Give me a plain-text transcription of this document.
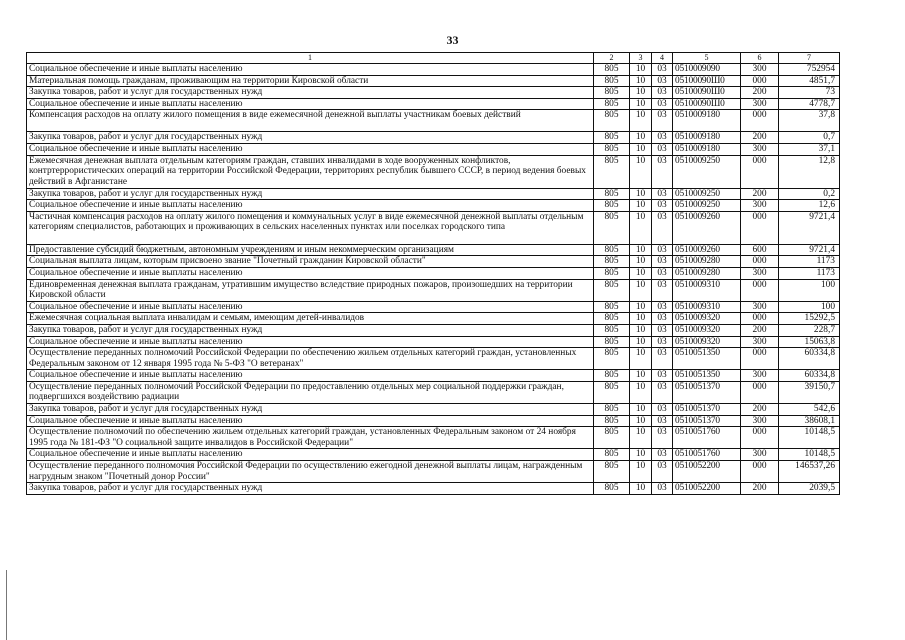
33
1	2	3	4	5	6	7
Социальное обеспечение и иные выплаты населению	805	10	03	0510009090	300	752954
Материальная помощь гражданам, проживающим на территории Кировской области	805	10	03	05100090Ш0	000	4851,7
Закупка товаров, работ и услуг для государственных нужд	805	10	03	05100090Ш0	200	73
Социальное обеспечение и иные выплаты населению	805	10	03	05100090Ш0	300	4778,7
Компенсация расходов на оплату жилого помещения в виде ежемесячной денежной выплаты участникам боевых действий	805	10	03	0510009180	000	37,8
Закупка товаров, работ и услуг для государственных нужд	805	10	03	0510009180	200	0,7
Социальное обеспечение и иные выплаты населению	805	10	03	0510009180	300	37,1
Ежемесячная денежная выплата отдельным категориям граждан, ставших инвалидами в ходе вооруженных конфликтов, контртеррористических операций на территории Российской Федерации, территориях республик бывшего СССР, в период ведения боевых действий в Афганистане	805	10	03	0510009250	000	12,8
Закупка товаров, работ и услуг для государственных нужд	805	10	03	0510009250	200	0,2
Социальное обеспечение и иные выплаты населению	805	10	03	0510009250	300	12,6
Частичная компенсация расходов на оплату жилого помещения и коммунальных услуг в виде ежемесячной денежной выплаты отдельным категориям специалистов, работающих и проживающих в сельских населенных пунктах или поселках городского типа	805	10	03	0510009260	000	9721,4
Предоставление субсидий бюджетным, автономным учреждениям и иным некоммерческим организациям	805	10	03	0510009260	600	9721,4
Социальная выплата лицам, которым присвоено звание "Почетный гражданин Кировской области"	805	10	03	0510009280	000	1173
Социальное обеспечение и иные выплаты населению	805	10	03	0510009280	300	1173
Единовременная денежная выплата гражданам, утратившим имущество вследствие природных пожаров, произошедших на территории Кировской области	805	10	03	0510009310	000	100
Социальное обеспечение и иные выплаты населению	805	10	03	0510009310	300	100
Ежемесячная социальная выплата инвалидам и семьям, имеющим детей-инвалидов	805	10	03	0510009320	000	15292,5
Закупка товаров, работ и услуг для государственных нужд	805	10	03	0510009320	200	228,7
Социальное обеспечение и иные выплаты населению	805	10	03	0510009320	300	15063,8
Осуществление переданных полномочий Российской Федерации по обеспечению жильем отдельных категорий граждан, установленных Федеральным законом от 12 января 1995 года № 5-ФЗ "О ветеранах"	805	10	03	0510051350	000	60334,8
Социальное обеспечение и иные выплаты населению	805	10	03	0510051350	300	60334,8
Осуществление переданных полномочий Российской Федерации по предоставлению отдельных мер социальной поддержки граждан, подвергшихся воздействию радиации	805	10	03	0510051370	000	39150,7
Закупка товаров, работ и услуг для государственных нужд	805	10	03	0510051370	200	542,6
Социальное обеспечение и иные выплаты населению	805	10	03	0510051370	300	38608,1
Осуществление полномочий по обеспечению жильем отдельных категорий граждан, установленных Федеральным законом от 24 ноября 1995 года № 181-ФЗ "О социальной защите инвалидов в Российской Федерации"	805	10	03	0510051760	000	10148,5
Социальное обеспечение и иные выплаты населению	805	10	03	0510051760	300	10148,5
Осуществление переданного полномочия Российской Федерации по осуществлению ежегодной денежной выплаты лицам, награжденным нагрудным знаком "Почетный донор России"	805	10	03	0510052200	000	146537,26
Закупка товаров, работ и услуг для государственных нужд	805	10	03	0510052200	200	2039,5
